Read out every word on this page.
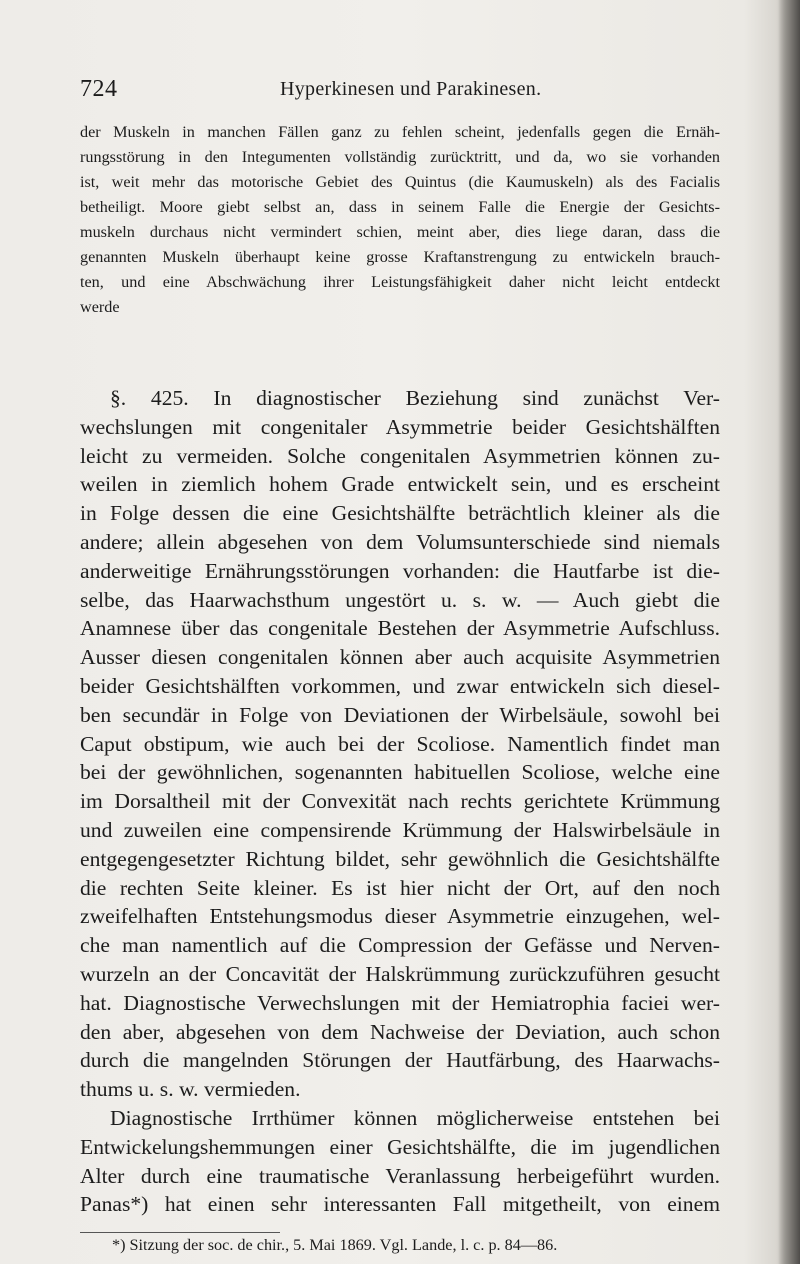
724	Hyperkinesen und Parakinesen.
der Muskeln in manchen Fällen ganz zu fehlen scheint, jedenfalls gegen die Ernäh-
rungsstörung in den Integumenten vollständig zurücktritt, und da, wo sie vorhanden
ist, weit mehr das motorische Gebiet des Quintus (die Kaumuskeln) als des Facialis
betheiligt. Moore giebt selbst an, dass in seinem Falle die Energie der Gesichts-
muskeln durchaus nicht vermindert schien, meint aber, dies liege daran, dass die
genannten Muskeln überhaupt keine grosse Kraftanstrengung zu entwickeln brauch-
ten, und eine Abschwächung ihrer Leistungsfähigkeit daher nicht leicht entdeckt
werde
§. 425. In diagnostischer Beziehung sind zunächst Ver-
wechslungen mit congenitaler Asymmetrie beider Gesichtshälften
leicht zu vermeiden. Solche congenitalen Asymmetrien können zu-
weilen in ziemlich hohem Grade entwickelt sein, und es erscheint
in Folge dessen die eine Gesichtshälfte beträchtlich kleiner als die
andere; allein abgesehen von dem Volumsunterschiede sind niemals
anderweitige Ernährungsstörungen vorhanden: die Hautfarbe ist die-
selbe, das Haarwachsthum ungestört u. s. w. — Auch giebt die
Anamnese über das congenitale Bestehen der Asymmetrie Aufschluss.
Ausser diesen congenitalen können aber auch acquisite Asymmetrien
beider Gesichtshälften vorkommen, und zwar entwickeln sich diesel-
ben secundär in Folge von Deviationen der Wirbelsäule, sowohl bei
Caput obstipum, wie auch bei der Scoliose. Namentlich findet man
bei der gewöhnlichen, sogenannten habituellen Scoliose, welche eine
im Dorsaltheil mit der Convexität nach rechts gerichtete Krümmung
und zuweilen eine compensirende Krümmung der Halswirbelsäule in
entgegengesetzter Richtung bildet, sehr gewöhnlich die Gesichtshälfte
die rechten Seite kleiner. Es ist hier nicht der Ort, auf den noch
zweifelhaften Entstehungsmodus dieser Asymmetrie einzugehen, wel-
che man namentlich auf die Compression der Gefässe und Nerven-
wurzeln an der Concavität der Halskrümmung zurückzuführen gesucht
hat. Diagnostische Verwechslungen mit der Hemiatrophia faciei wer-
den aber, abgesehen von dem Nachweise der Deviation, auch schon
durch die mangelnden Störungen der Hautfärbung, des Haarwachs-
thums u. s. w. vermieden.
Diagnostische Irrthümer können möglicherweise entstehen bei
Entwickelungshemmungen einer Gesichtshälfte, die im jugendlichen
Alter durch eine traumatische Veranlassung herbeigeführt wurden.
Panas*) hat einen sehr interessanten Fall mitgetheilt, von einem
*) Sitzung der soc. de chir., 5. Mai 1869. Vgl. Lande, l. c. p. 84—86.
